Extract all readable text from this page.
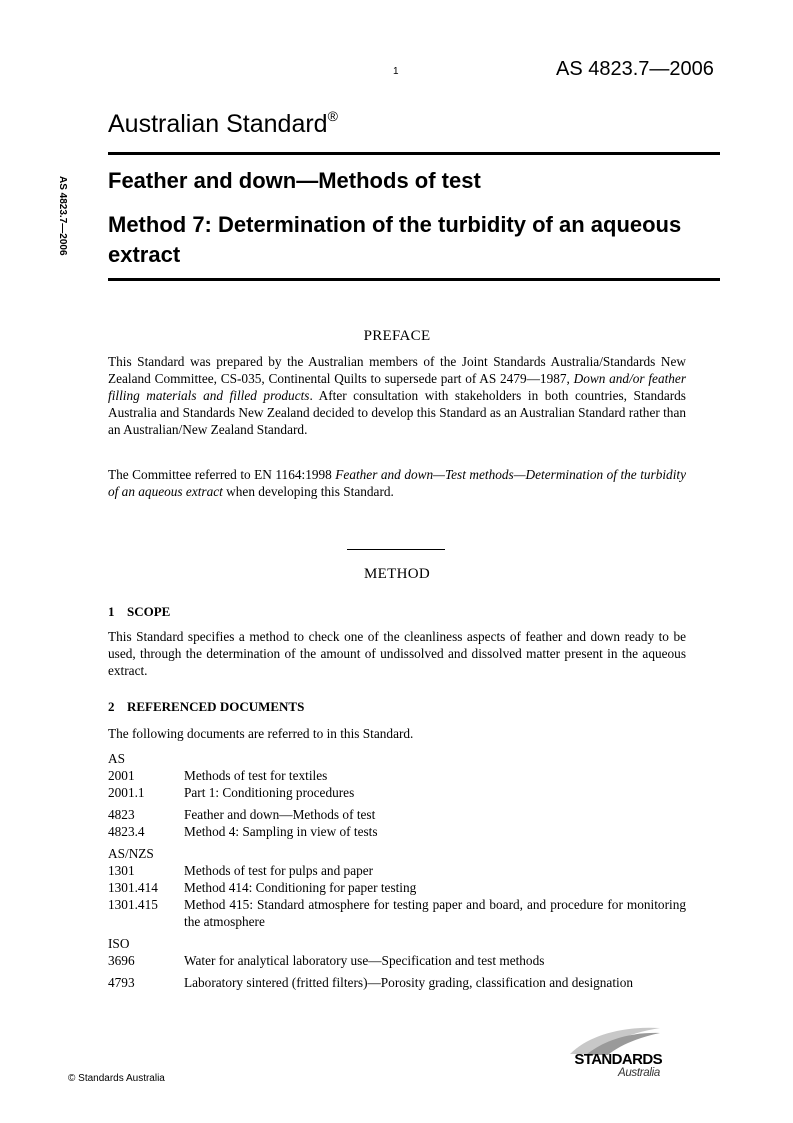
1	AS 4823.7—2006
Australian Standard®
AS 4823.7—2006 Feather and down—Methods of test
Method 7: Determination of the turbidity of an aqueous extract
PREFACE
This Standard was prepared by the Australian members of the Joint Standards Australia/Standards New Zealand Committee, CS-035, Continental Quilts to supersede part of AS 2479—1987, Down and/or feather filling materials and filled products. After consultation with stakeholders in both countries, Standards Australia and Standards New Zealand decided to develop this Standard as an Australian Standard rather than an Australian/New Zealand Standard.
The Committee referred to EN 1164:1998 Feather and down—Test methods—Determination of the turbidity of an aqueous extract when developing this Standard.
METHOD
1 SCOPE
This Standard specifies a method to check one of the cleanliness aspects of feather and down ready to be used, through the determination of the amount of undissolved and dissolved matter present in the aqueous extract.
2 REFERENCED DOCUMENTS
The following documents are referred to in this Standard.
AS
2001	Methods of test for textiles
2001.1	Part 1: Conditioning procedures
4823	Feather and down—Methods of test
4823.4	Method 4: Sampling in view of tests
AS/NZS
1301	Methods of test for pulps and paper
1301.414	Method 414: Conditioning for paper testing
1301.415	Method 415: Standard atmosphere for testing paper and board, and procedure for monitoring the atmosphere
ISO
3696	Water for analytical laboratory use—Specification and test methods
4793	Laboratory sintered (fritted filters)—Porosity grading, classification and designation
© Standards Australia
STANDARDS
Australia
